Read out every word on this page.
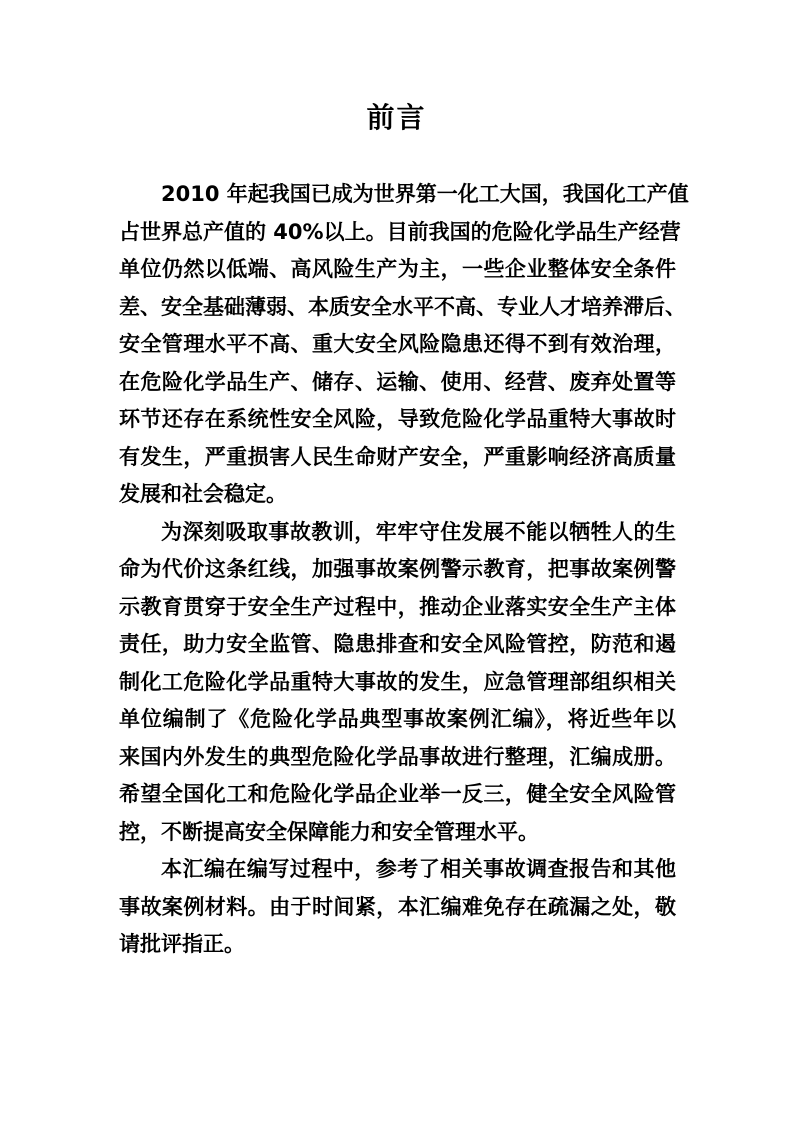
前言
2010 年起我国已成为世界第一化工大国，我国化工产值
占世界总产值的 40%以上。目前我国的危险化学品生产经营
单位仍然以低端、高风险生产为主，一些企业整体安全条件
差、安全基础薄弱、本质安全水平不高、专业人才培养滞后、
安全管理水平不高、重大安全风险隐患还得不到有效治理，
在危险化学品生产、储存、运输、使用、经营、废弃处置等
环节还存在系统性安全风险，导致危险化学品重特大事故时
有发生，严重损害人民生命财产安全，严重影响经济高质量
发展和社会稳定。
为深刻吸取事故教训，牢牢守住发展不能以牺牲人的生
命为代价这条红线，加强事故案例警示教育，把事故案例警
示教育贯穿于安全生产过程中，推动企业落实安全生产主体
责任，助力安全监管、隐患排查和安全风险管控，防范和遏
制化工危险化学品重特大事故的发生，应急管理部组织相关
单位编制了《危险化学品典型事故案例汇编》，将近些年以
来国内外发生的典型危险化学品事故进行整理，汇编成册。
希望全国化工和危险化学品企业举一反三，健全安全风险管
控，不断提高安全保障能力和安全管理水平。
本汇编在编写过程中，参考了相关事故调查报告和其他
事故案例材料。由于时间紧，本汇编难免存在疏漏之处，敬
请批评指正。
